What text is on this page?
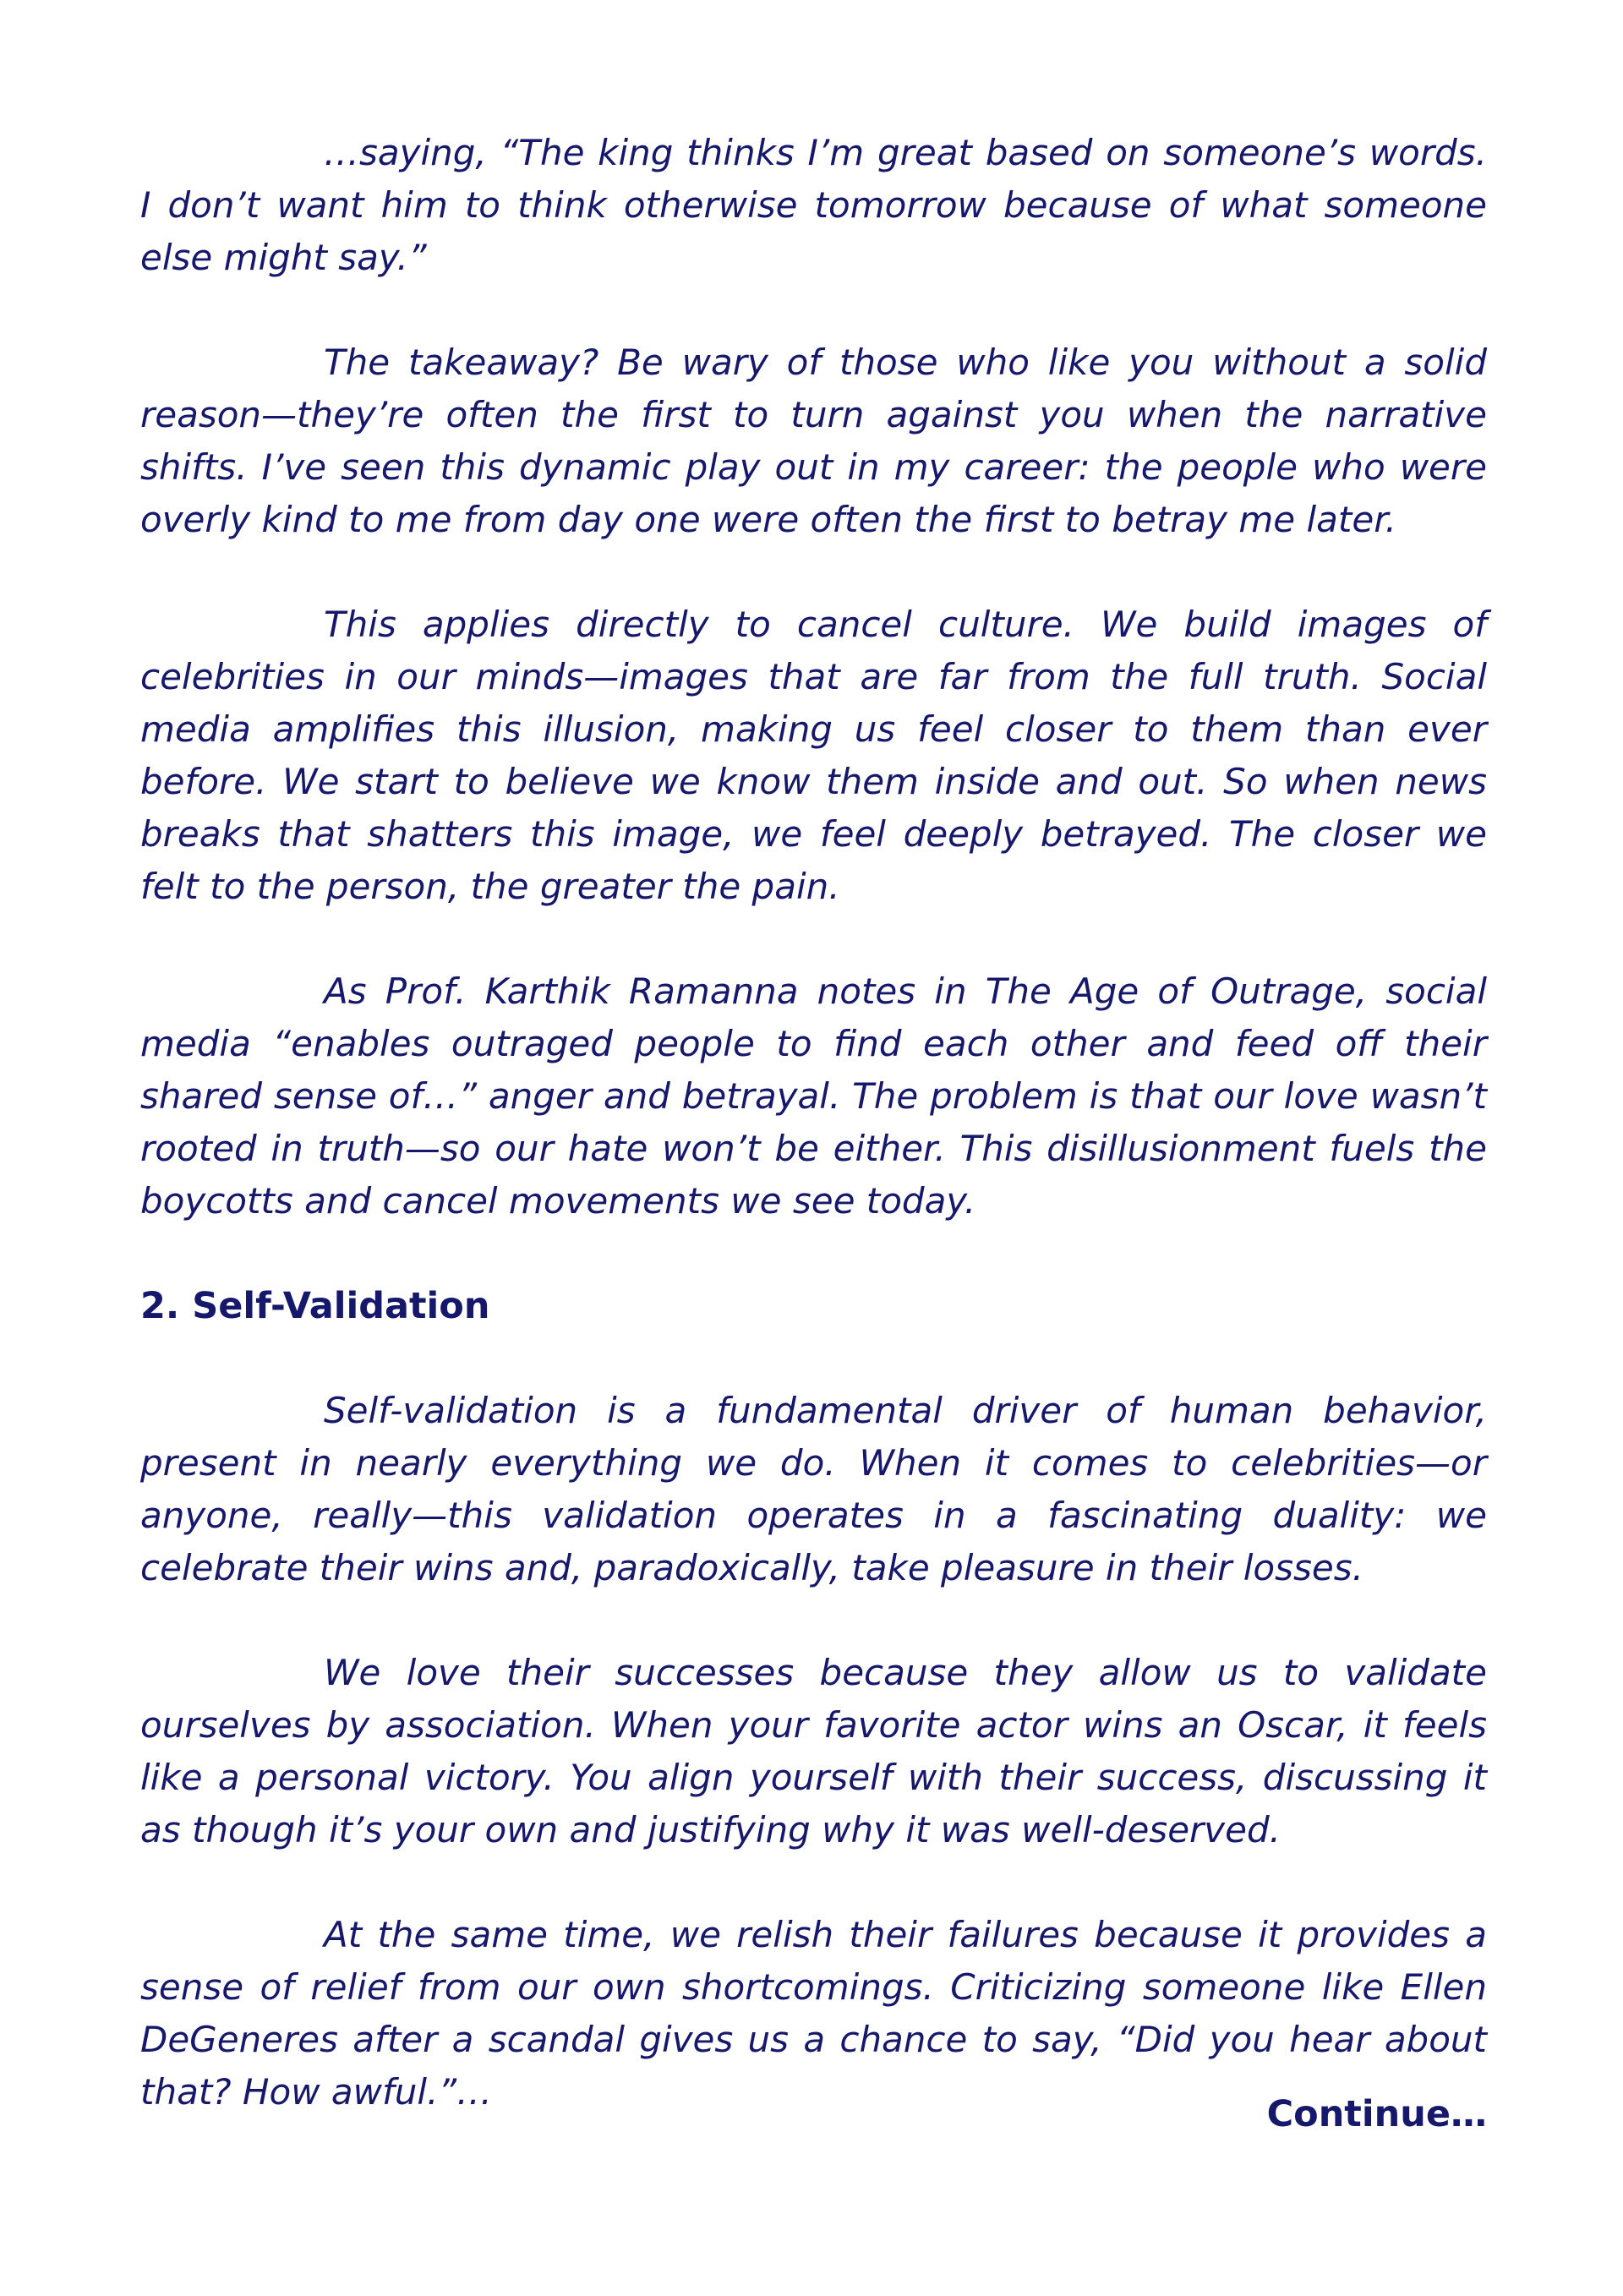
…saying, “The king thinks I’m great based on someone’s words. I don’t want him to think otherwise tomorrow because of what someone else might say.”

The takeaway? Be wary of those who like you without a solid reason—they’re often the first to turn against you when the narrative shifts. I’ve seen this dynamic play out in my career: the people who were overly kind to me from day one were often the first to betray me later.

This applies directly to cancel culture. We build images of celebrities in our minds—images that are far from the full truth. Social media amplifies this illusion, making us feel closer to them than ever before. We start to believe we know them inside and out. So when news breaks that shatters this image, we feel deeply betrayed. The closer we felt to the person, the greater the pain.

As Prof. Karthik Ramanna notes in The Age of Outrage, social media “enables outraged people to find each other and feed off their shared sense of…” anger and betrayal. The problem is that our love wasn’t rooted in truth—so our hate won’t be either. This disillusionment fuels the boycotts and cancel movements we see today.

2. Self-Validation

Self-validation is a fundamental driver of human behavior, present in nearly everything we do. When it comes to celebrities—or anyone, really—this validation operates in a fascinating duality: we celebrate their wins and, paradoxically, take pleasure in their losses.

We love their successes because they allow us to validate ourselves by association. When your favorite actor wins an Oscar, it feels like a personal victory. You align yourself with their success, discussing it as though it’s your own and justifying why it was well-deserved.

At the same time, we relish their failures because it provides a sense of relief from our own shortcomings. Criticizing someone like Ellen DeGeneres after a scandal gives us a chance to say, “Did you hear about that? How awful.”…

Continue…
